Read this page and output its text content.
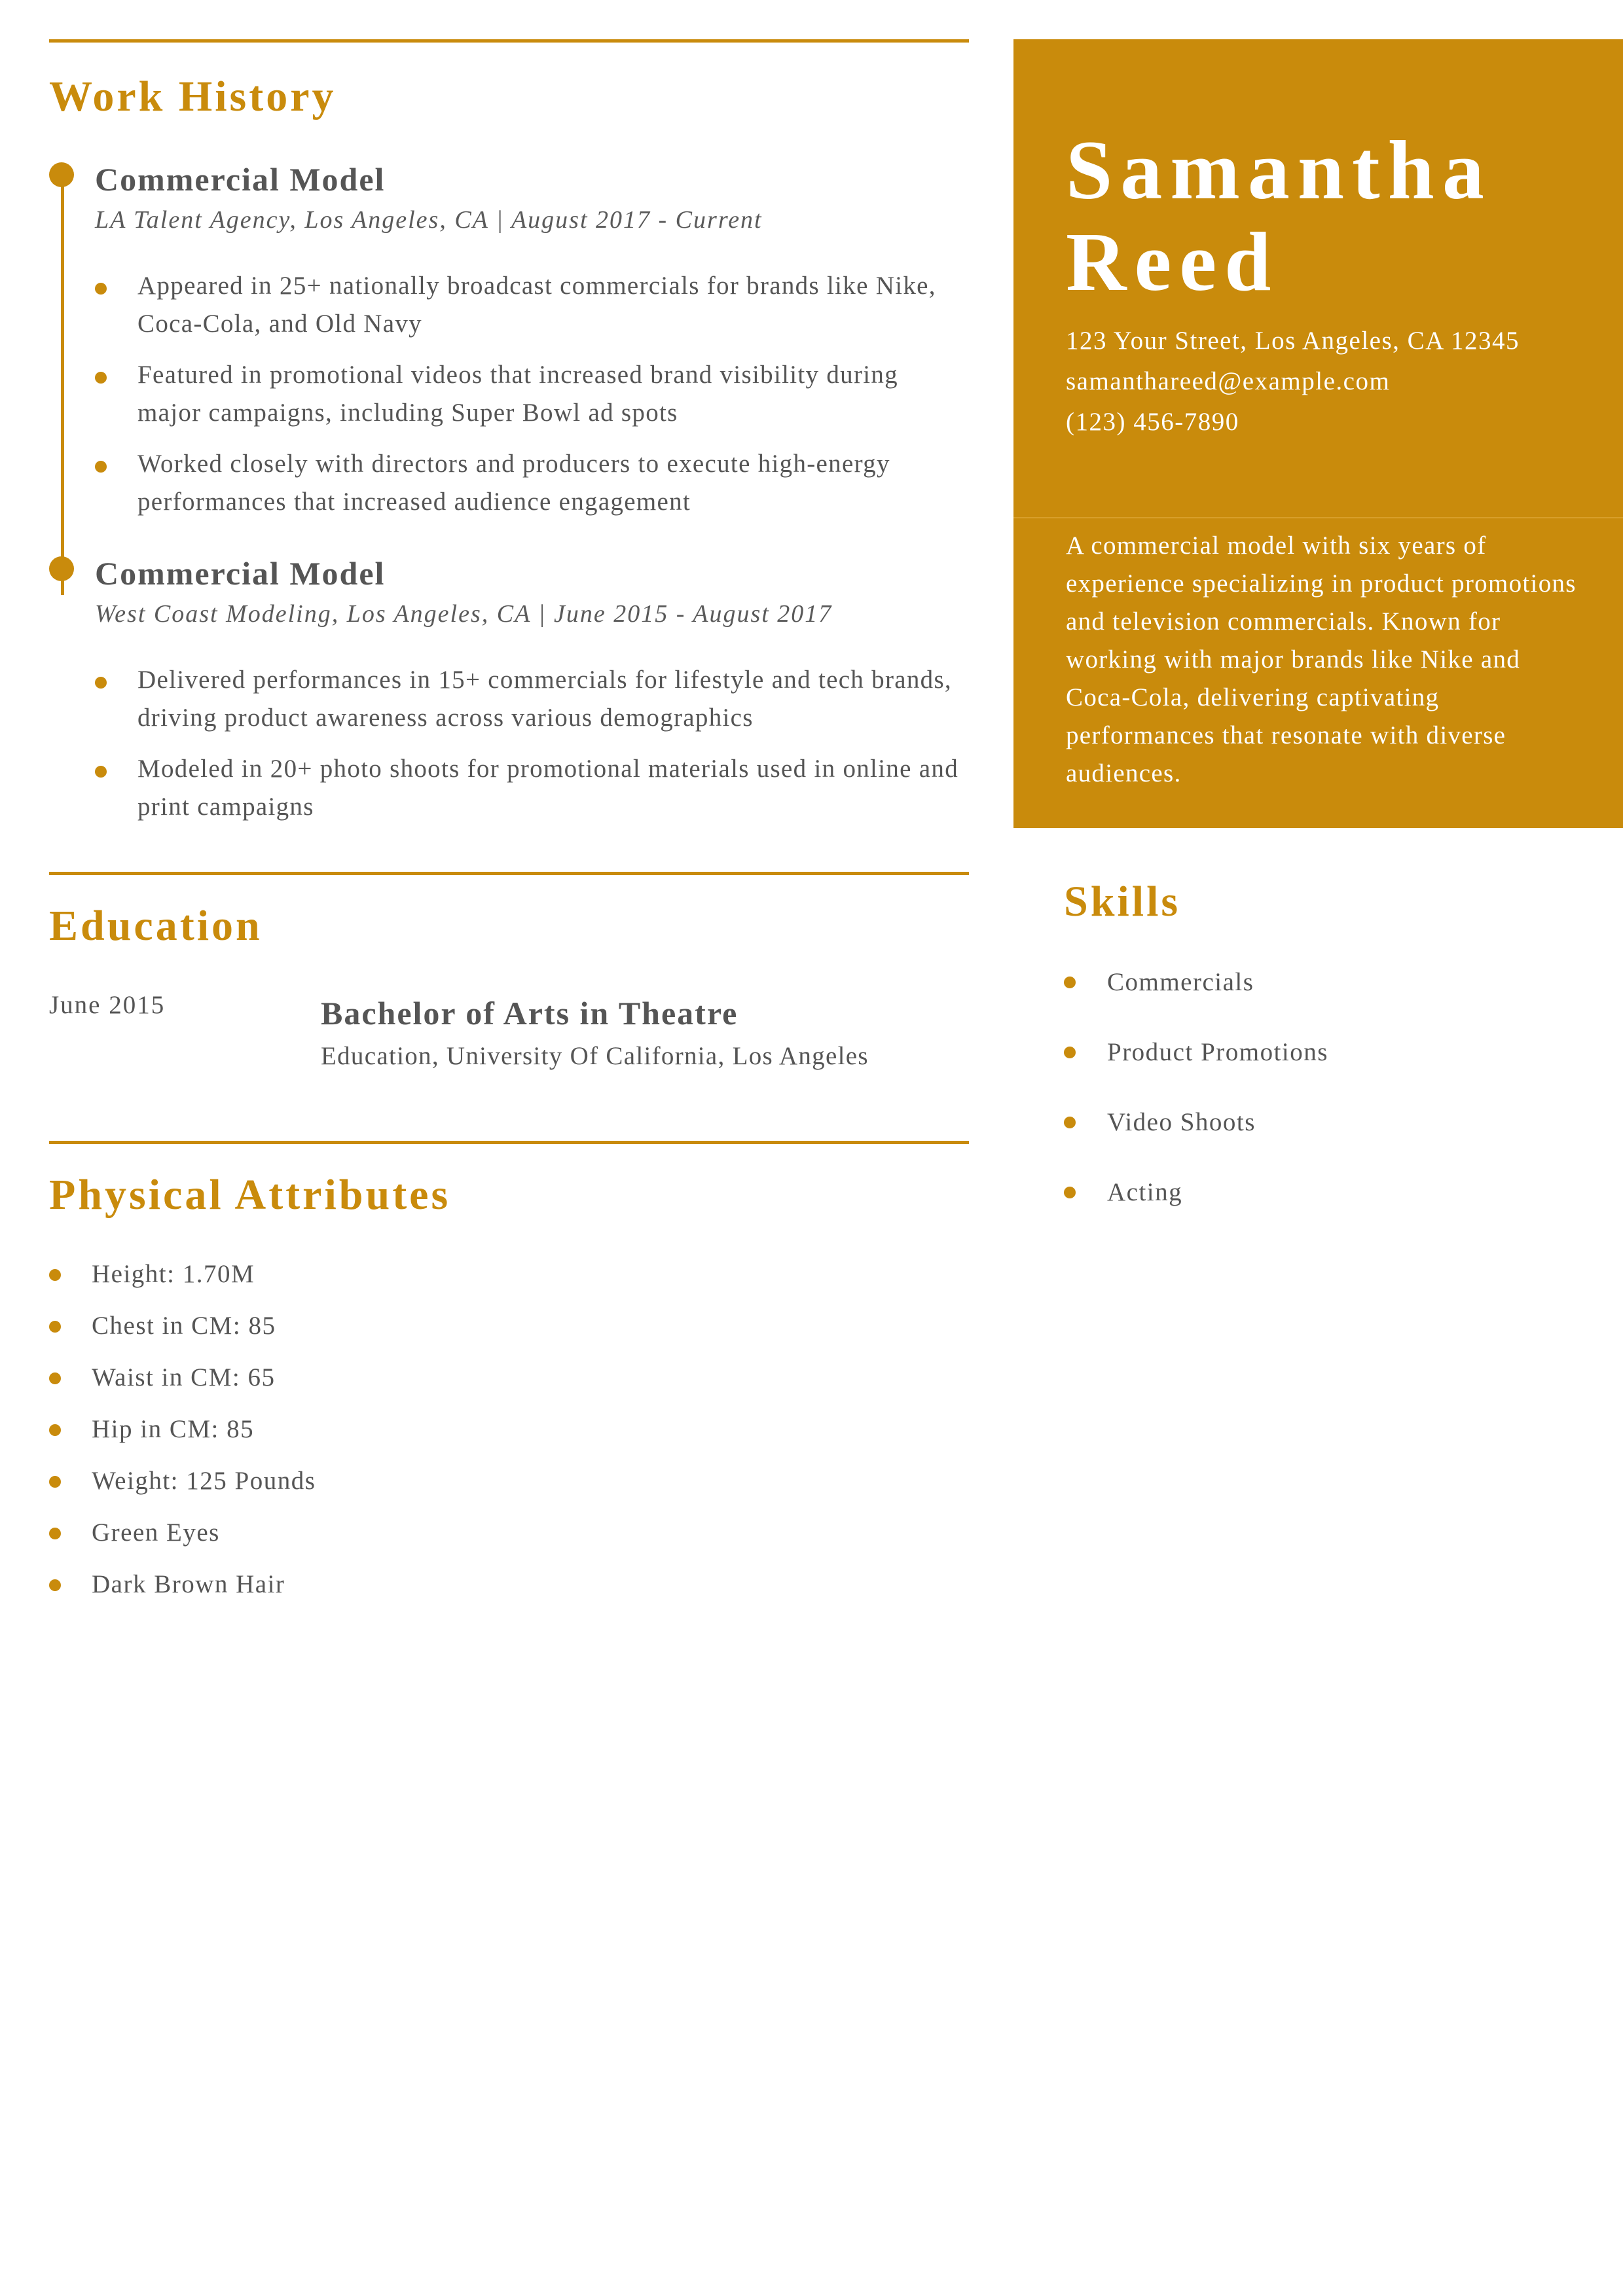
Work History
Commercial Model
LA Talent Agency, Los Angeles, CA | August 2017 - Current
Appeared in 25+ nationally broadcast commercials for brands like Nike, Coca-Cola, and Old Navy
Featured in promotional videos that increased brand visibility during major campaigns, including Super Bowl ad spots
Worked closely with directors and producers to execute high-energy performances that increased audience engagement
Commercial Model
West Coast Modeling, Los Angeles, CA | June 2015 - August 2017
Delivered performances in 15+ commercials for lifestyle and tech brands, driving product awareness across various demographics
Modeled in 20+ photo shoots for promotional materials used in online and print campaigns
Education
June 2015	Bachelor of Arts in Theatre
Education, University Of California, Los Angeles
Physical Attributes
Height: 1.70M
Chest in CM: 85
Waist in CM: 65
Hip in CM: 85
Weight: 125 Pounds
Green Eyes
Dark Brown Hair
Samantha
Reed
123 Your Street, Los Angeles, CA 12345
samanthareed@example.com
(123) 456-7890
A commercial model with six years of experience specializing in product promotions and television commercials. Known for working with major brands like Nike and Coca-Cola, delivering captivating performances that resonate with diverse audiences.
Skills
Commercials
Product Promotions
Video Shoots
Acting
